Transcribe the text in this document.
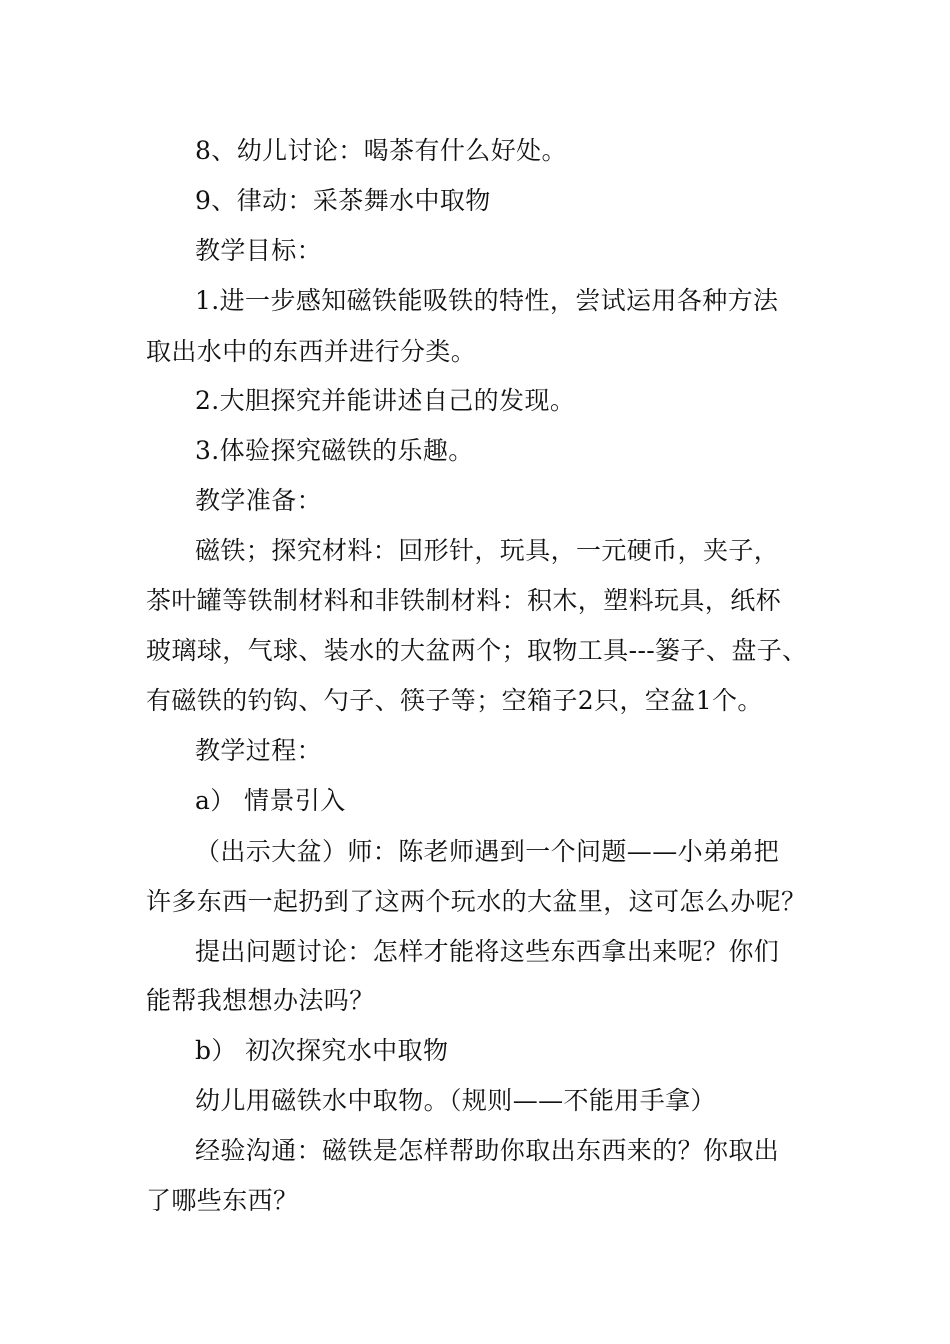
8、幼儿讨论：喝茶有什么好处。
9、律动：采茶舞水中取物
教学目标：
1.进一步感知磁铁能吸铁的特性，尝试运用各种方法
取出水中的东西并进行分类。
2.大胆探究并能讲述自己的发现。
3.体验探究磁铁的乐趣。
教学准备：
磁铁；探究材料：回形针，玩具，一元硬币，夹子，
茶叶罐等铁制材料和非铁制材料：积木，塑料玩具，纸杯
玻璃球，气球、装水的大盆两个；取物工具---篓子、盘子、
有磁铁的钓钩、勺子、筷子等；空箱子2只，空盆1个。
教学过程：
a） 情景引入
（出示大盆）师：陈老师遇到一个问题——小弟弟把
许多东西一起扔到了这两个玩水的大盆里，这可怎么办呢？
提出问题讨论：怎样才能将这些东西拿出来呢？你们
能帮我想想办法吗？
b） 初次探究水中取物
幼儿用磁铁水中取物。（规则——不能用手拿）
经验沟通：磁铁是怎样帮助你取出东西来的？你取出
了哪些东西？
